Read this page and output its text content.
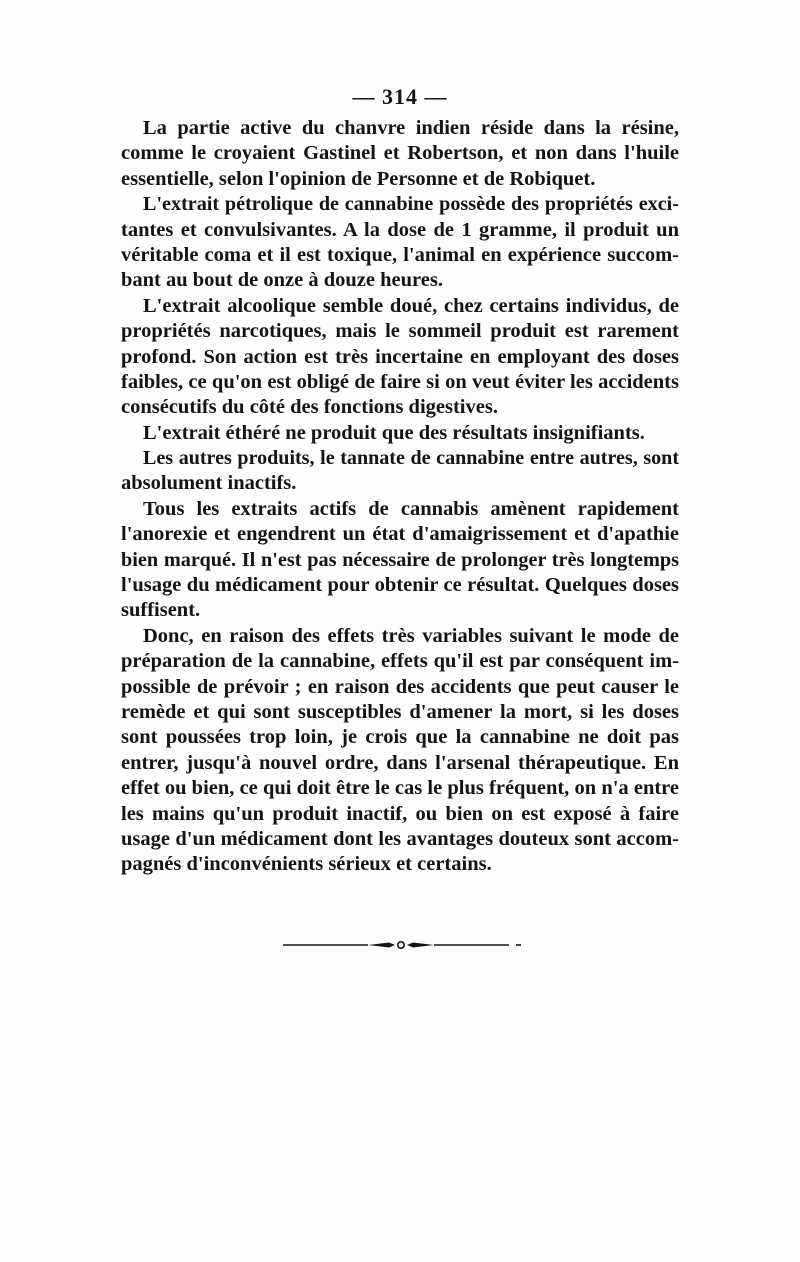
— 314 —
La partie active du chanvre indien réside dans la résine,
comme le croyaient Gastinel et Robertson, et non dans l'huile
essentielle, selon l'opinion de Personne et de Robiquet.
L'extrait pétrolique de cannabine possède des propriétés exci-
tantes et convulsivantes. A la dose de 1 gramme, il produit un
véritable coma et il est toxique, l'animal en expérience succom-
bant au bout de onze à douze heures.
L'extrait alcoolique semble doué, chez certains individus, de
propriétés narcotiques, mais le sommeil produit est rarement
profond. Son action est très incertaine en employant des doses
faibles, ce qu'on est obligé de faire si on veut éviter les accidents
consécutifs du côté des fonctions digestives.
L'extrait éthéré ne produit que des résultats insignifiants.
Les autres produits, le tannate de cannabine entre autres, sont
absolument inactifs.
Tous les extraits actifs de cannabis amènent rapidement
l'anorexie et engendrent un état d'amaigrissement et d'apathie
bien marqué. Il n'est pas nécessaire de prolonger très longtemps
l'usage du médicament pour obtenir ce résultat. Quelques doses
suffisent.
Donc, en raison des effets très variables suivant le mode de
préparation de la cannabine, effets qu'il est par conséquent im-
possible de prévoir ; en raison des accidents que peut causer le
remède et qui sont susceptibles d'amener la mort, si les doses
sont poussées trop loin, je crois que la cannabine ne doit pas
entrer, jusqu'à nouvel ordre, dans l'arsenal thérapeutique. En
effet ou bien, ce qui doit être le cas le plus fréquent, on n'a entre
les mains qu'un produit inactif, ou bien on est exposé à faire
usage d'un médicament dont les avantages douteux sont accom-
pagnés d'inconvénients sérieux et certains.
